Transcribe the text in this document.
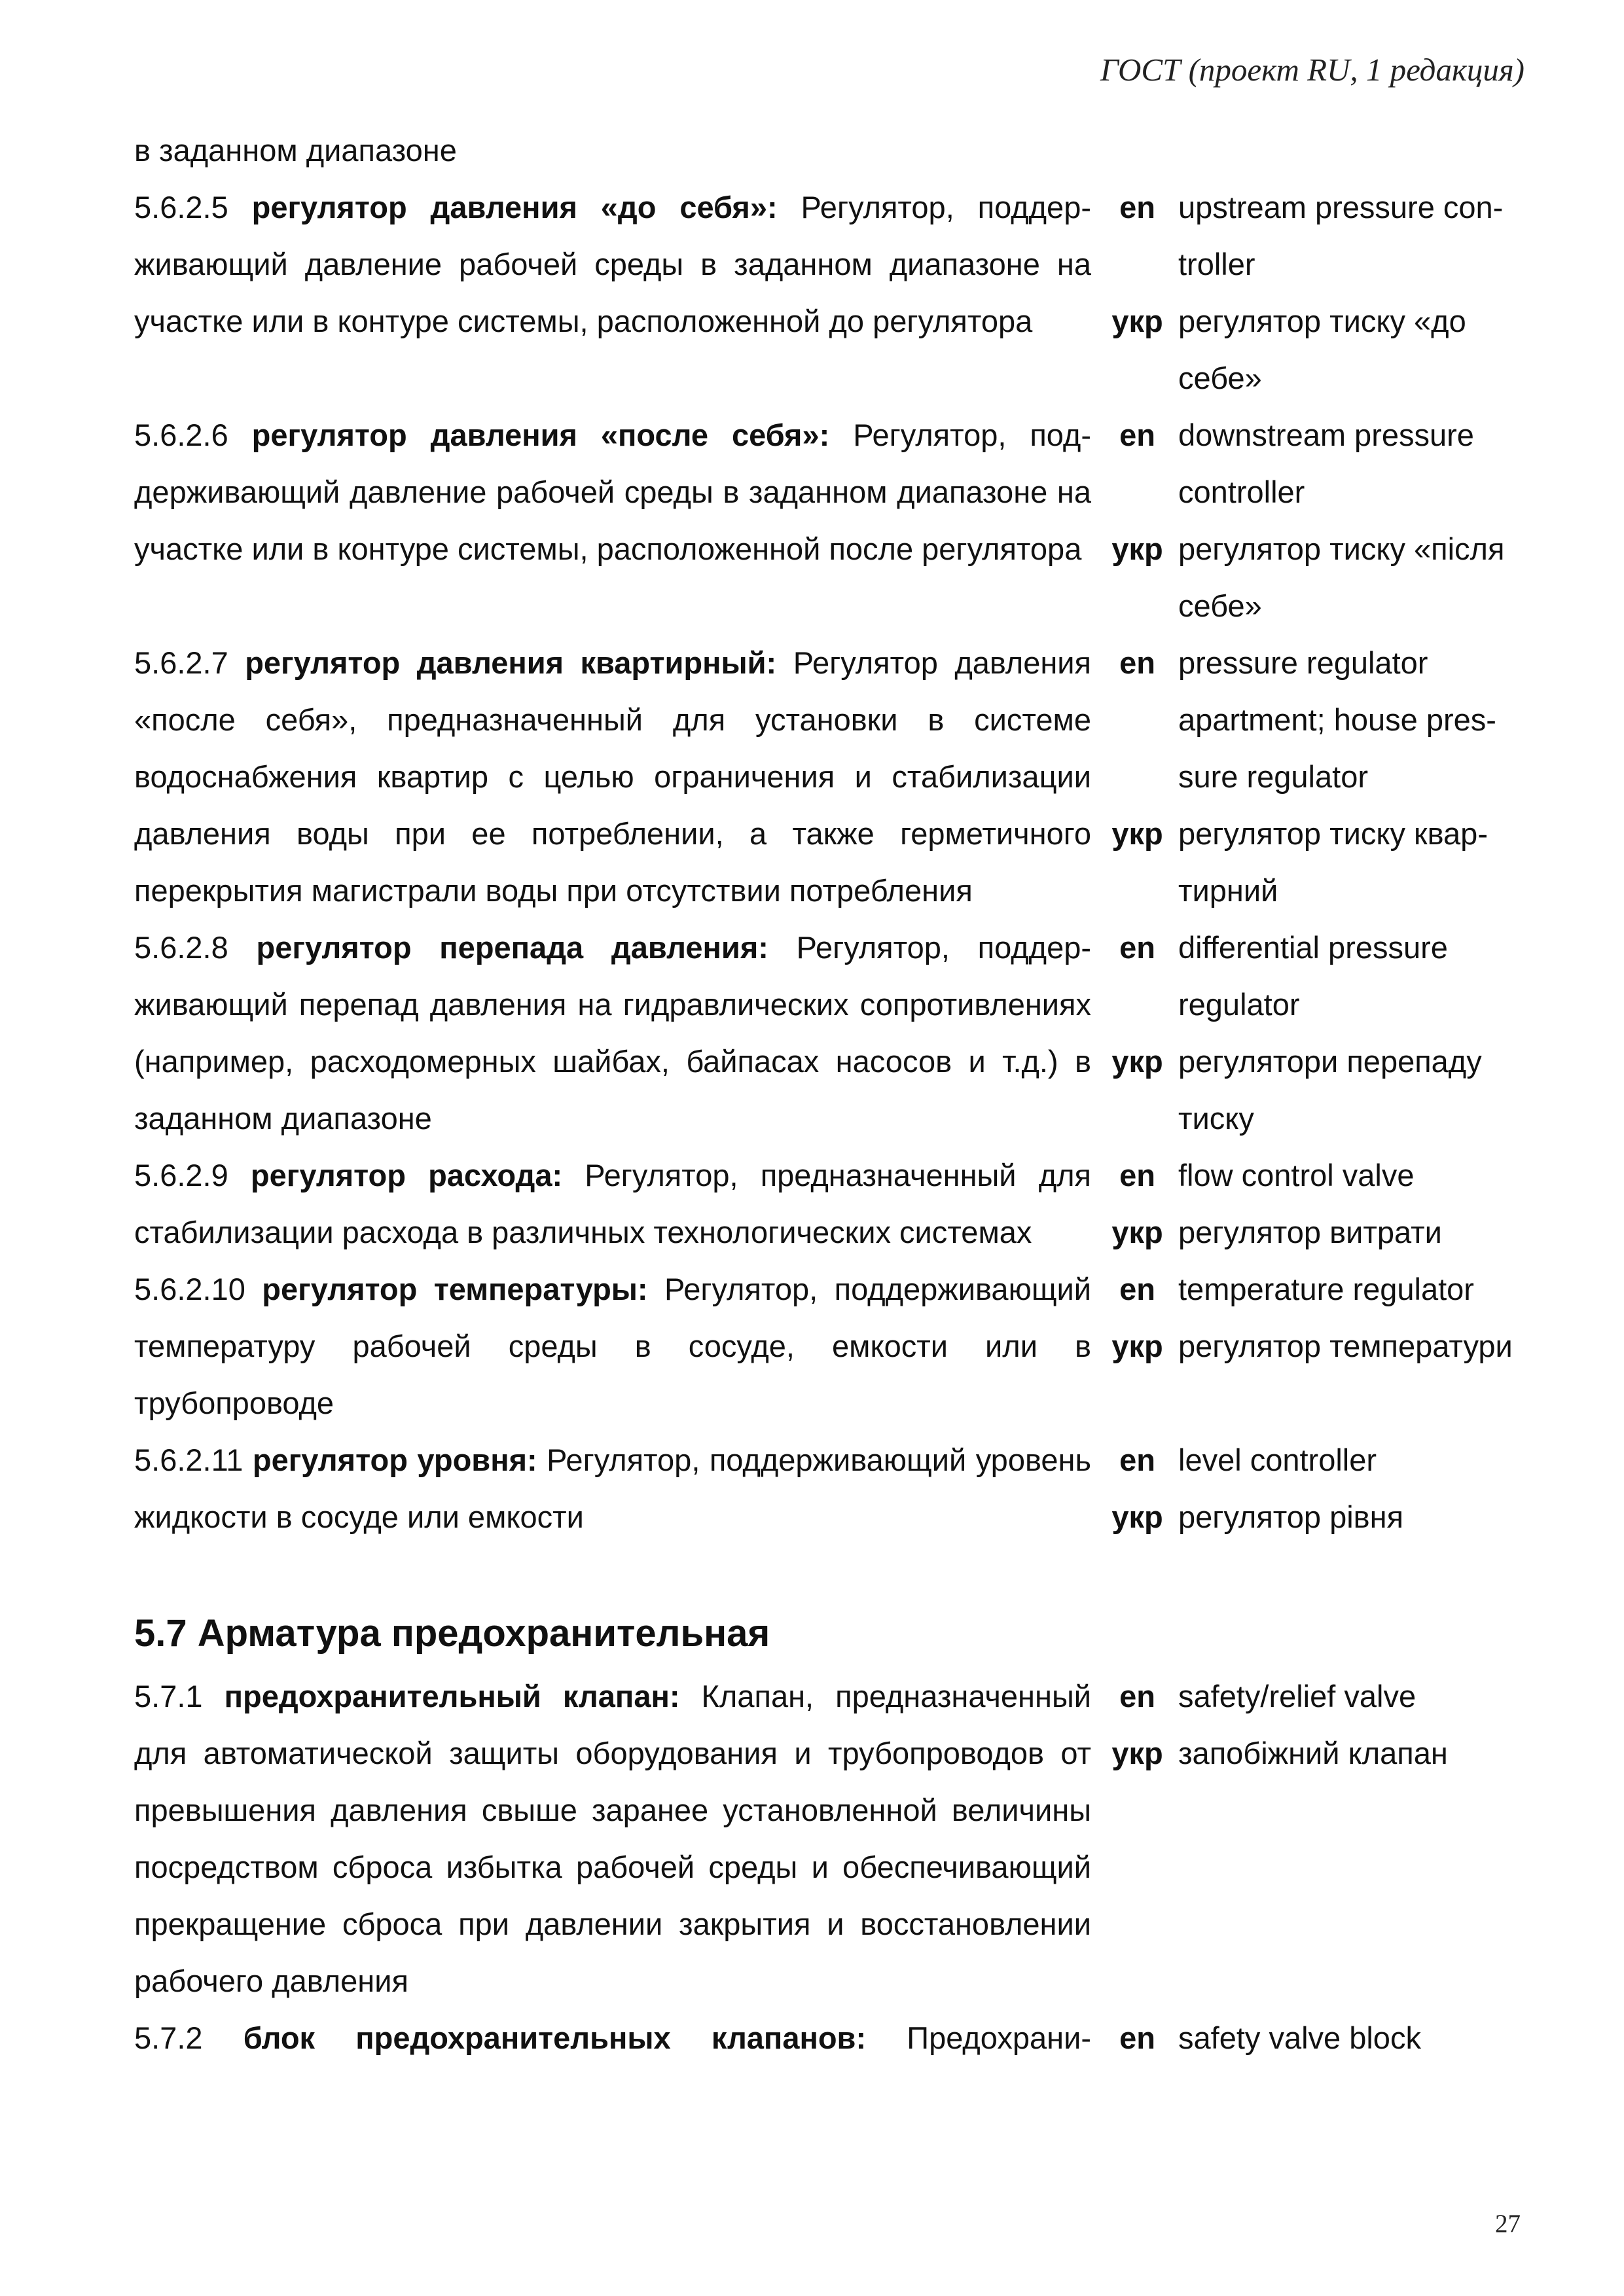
ГОСТ (проект RU, 1 редакция)
в заданном диапазоне
5.6.2.5 регулятор давления «до себя»: Регулятор, поддерживающий давление рабочей среды в заданном диапазоне на участке или в контуре системы, расположенной до регулятора
en upstream pressure controller
укр регулятор тиску «до себе»
5.6.2.6 регулятор давления «после себя»: Регулятор, поддерживающий давление рабочей среды в заданном диапазоне на участке или в контуре системы, расположенной после регулятора
en downstream pressure controller
укр регулятор тиску «після себе»
5.6.2.7 регулятор давления квартирный: Регулятор давления «после себя», предназначенный для установки в системе водоснабжения квартир с целью ограничения и стабилизации давления воды при ее потреблении, а также герметичного перекрытия магистрали воды при отсутствии потребления
en pressure regulator apartment; house pressure regulator
укр регулятор тиску квартирний
5.6.2.8 регулятор перепада давления: Регулятор, поддерживающий перепад давления на гидравлических сопротивлениях (например, расходомерных шайбах, байпасах насосов и т.д.) в заданном диапазоне
en differential pressure regulator
укр регулятори перепаду тиску
5.6.2.9 регулятор расхода: Регулятор, предназначенный для стабилизации расхода в различных технологических системах
en flow control valve
укр регулятор витрати
5.6.2.10 регулятор температуры: Регулятор, поддерживающий температуру рабочей среды в сосуде, емкости или в трубопроводе
en temperature regulator
укр регулятор температури
5.6.2.11 регулятор уровня: Регулятор, поддерживающий уровень жидкости в сосуде или емкости
en level controller
укр регулятор рівня
5.7 Арматура предохранительная
5.7.1 предохранительный клапан: Клапан, предназначенный для автоматической защиты оборудования и трубопроводов от превышения давления свыше заранее установленной величины посредством сброса избытка рабочей среды и обеспечивающий прекращение сброса при давлении закрытия и восстановлении рабочего давления
en safety/relief valve
укр запобіжний клапан
5.7.2 блок предохранительных клапанов: Предохрани- en safety valve block
27
